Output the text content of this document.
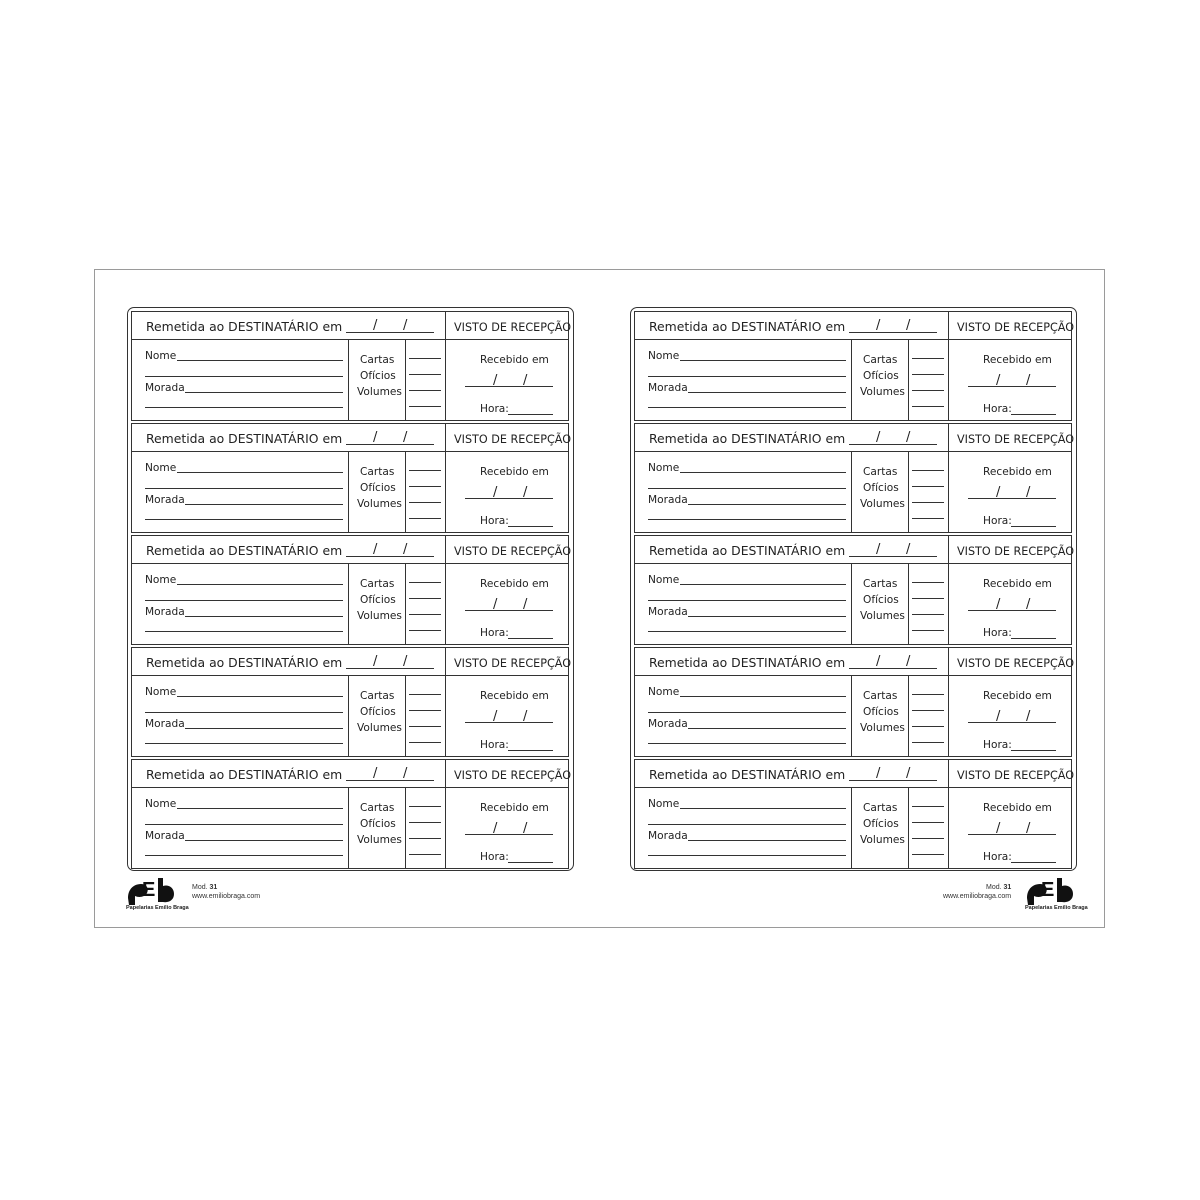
Remetida ao DESTINATÁRIO em / /	VISTO DE RECEPÇÃO
Nome
Morada
Cartas
Ofícios
Volumes
Recebido em
/ /
Hora:
Remetida ao DESTINATÁRIO em / /	VISTO DE RECEPÇÃO
Nome
Morada
Cartas
Ofícios
Volumes
Recebido em
/ /
Hora:
Remetida ao DESTINATÁRIO em / /	VISTO DE RECEPÇÃO
Nome
Morada
Cartas
Ofícios
Volumes
Recebido em
/ /
Hora:
Remetida ao DESTINATÁRIO em / /	VISTO DE RECEPÇÃO
Nome
Morada
Cartas
Ofícios
Volumes
Recebido em
/ /
Hora:
Remetida ao DESTINATÁRIO em / /	VISTO DE RECEPÇÃO
Nome
Morada
Cartas
Ofícios
Volumes
Recebido em
/ /
Hora:
Remetida ao DESTINATÁRIO em / /	VISTO DE RECEPÇÃO
Nome
Morada
Cartas
Ofícios
Volumes
Recebido em
/ /
Hora:
Remetida ao DESTINATÁRIO em / /	VISTO DE RECEPÇÃO
Nome
Morada
Cartas
Ofícios
Volumes
Recebido em
/ /
Hora:
Remetida ao DESTINATÁRIO em / /	VISTO DE RECEPÇÃO
Nome
Morada
Cartas
Ofícios
Volumes
Recebido em
/ /
Hora:
Remetida ao DESTINATÁRIO em / /	VISTO DE RECEPÇÃO
Nome
Morada
Cartas
Ofícios
Volumes
Recebido em
/ /
Hora:
Remetida ao DESTINATÁRIO em / /	VISTO DE RECEPÇÃO
Nome
Morada
Cartas
Ofícios
Volumes
Recebido em
/ /
Hora:
E
Papelarias Emílio Braga
Mod. 31
www.emiliobraga.com
Mod. 31
www.emiliobraga.com E
Papelarias Emílio Braga
